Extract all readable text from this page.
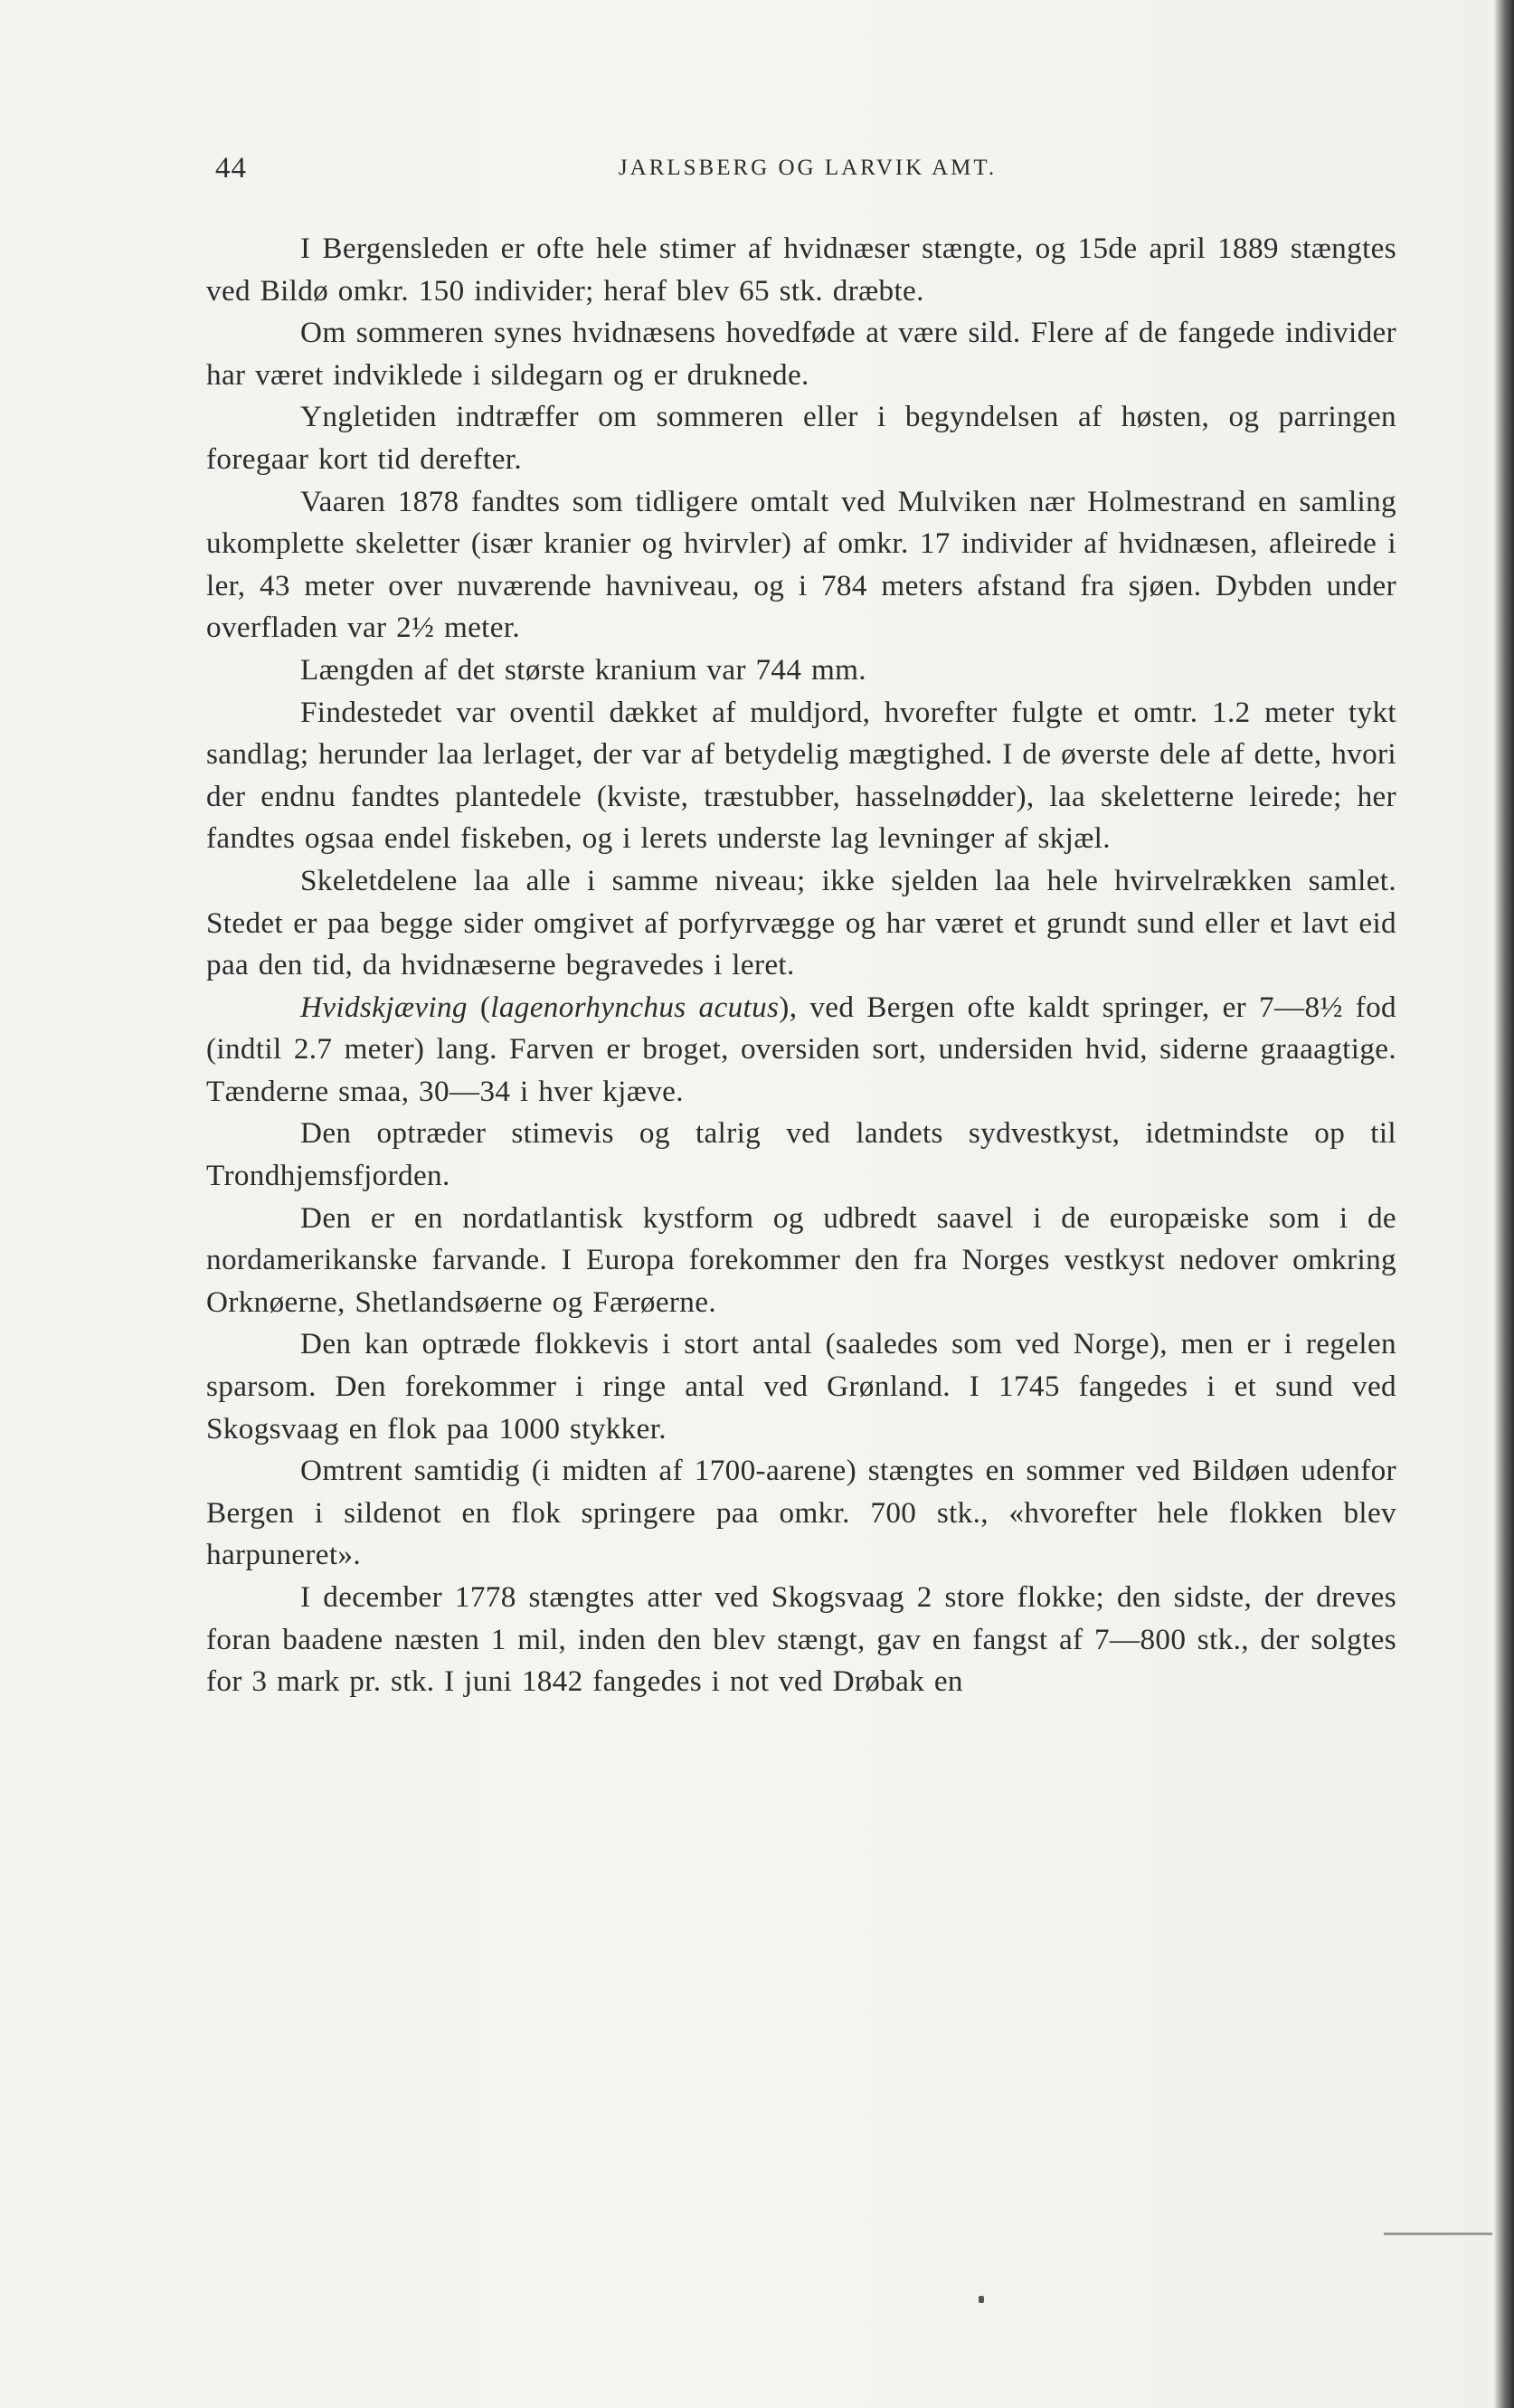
44	JARLSBERG OG LARVIK AMT.

I Bergensleden er ofte hele stimer af hvidnæser stængte, og 15de april 1889 stængtes ved Bildø omkr. 150 individer; heraf blev 65 stk. dræbte.

Om sommeren synes hvidnæsens hovedføde at være sild. Flere af de fangede individer har været indviklede i sildegarn og er druknede.

Yngletiden indtræffer om sommeren eller i begyndelsen af høsten, og parringen foregaar kort tid derefter.

Vaaren 1878 fandtes som tidligere omtalt ved Mulviken nær Holmestrand en samling ukomplette skeletter (især kranier og hvirvler) af omkr. 17 individer af hvidnæsen, afleirede i ler, 43 meter over nuværende havniveau, og i 784 meters afstand fra sjøen. Dybden under overfladen var 2½ meter.

Længden af det største kranium var 744 mm.

Findestedet var oventil dækket af muldjord, hvorefter fulgte et omtr. 1.2 meter tykt sandlag; herunder laa lerlaget, der var af betydelig mægtighed. I de øverste dele af dette, hvori der endnu fandtes plantedele (kviste, træstubber, hasselnødder), laa skeletterne leirede; her fandtes ogsaa endel fiskeben, og i lerets underste lag levninger af skjæl.

Skeletdelene laa alle i samme niveau; ikke sjelden laa hele hvirvelrækken samlet. Stedet er paa begge sider omgivet af porfyrvægge og har været et grundt sund eller et lavt eid paa den tid, da hvidnæserne begravedes i leret.

Hvidskjæving (lagenorhynchus acutus), ved Bergen ofte kaldt springer, er 7—8½ fod (indtil 2.7 meter) lang. Farven er broget, oversiden sort, undersiden hvid, siderne graaagtige. Tænderne smaa, 30—34 i hver kjæve.

Den optræder stimevis og talrig ved landets sydvestkyst, idetmindste op til Trondhjemsfjorden.

Den er en nordatlantisk kystform og udbredt saavel i de europæiske som i de nordamerikanske farvande. I Europa forekommer den fra Norges vestkyst nedover omkring Orknøerne, Shetlandsøerne og Færøerne.

Den kan optræde flokkevis i stort antal (saaledes som ved Norge), men er i regelen sparsom. Den forekommer i ringe antal ved Grønland. I 1745 fangedes i et sund ved Skogsvaag en flok paa 1000 stykker.

Omtrent samtidig (i midten af 1700-aarene) stængtes en sommer ved Bildøen udenfor Bergen i sildenot en flok springere paa omkr. 700 stk., «hvorefter hele flokken blev harpuneret».

I december 1778 stængtes atter ved Skogsvaag 2 store flokke; den sidste, der dreves foran baadene næsten 1 mil, inden den blev stængt, gav en fangst af 7—800 stk., der solgtes for 3 mark pr. stk. I juni 1842 fangedes i not ved Drøbak en
